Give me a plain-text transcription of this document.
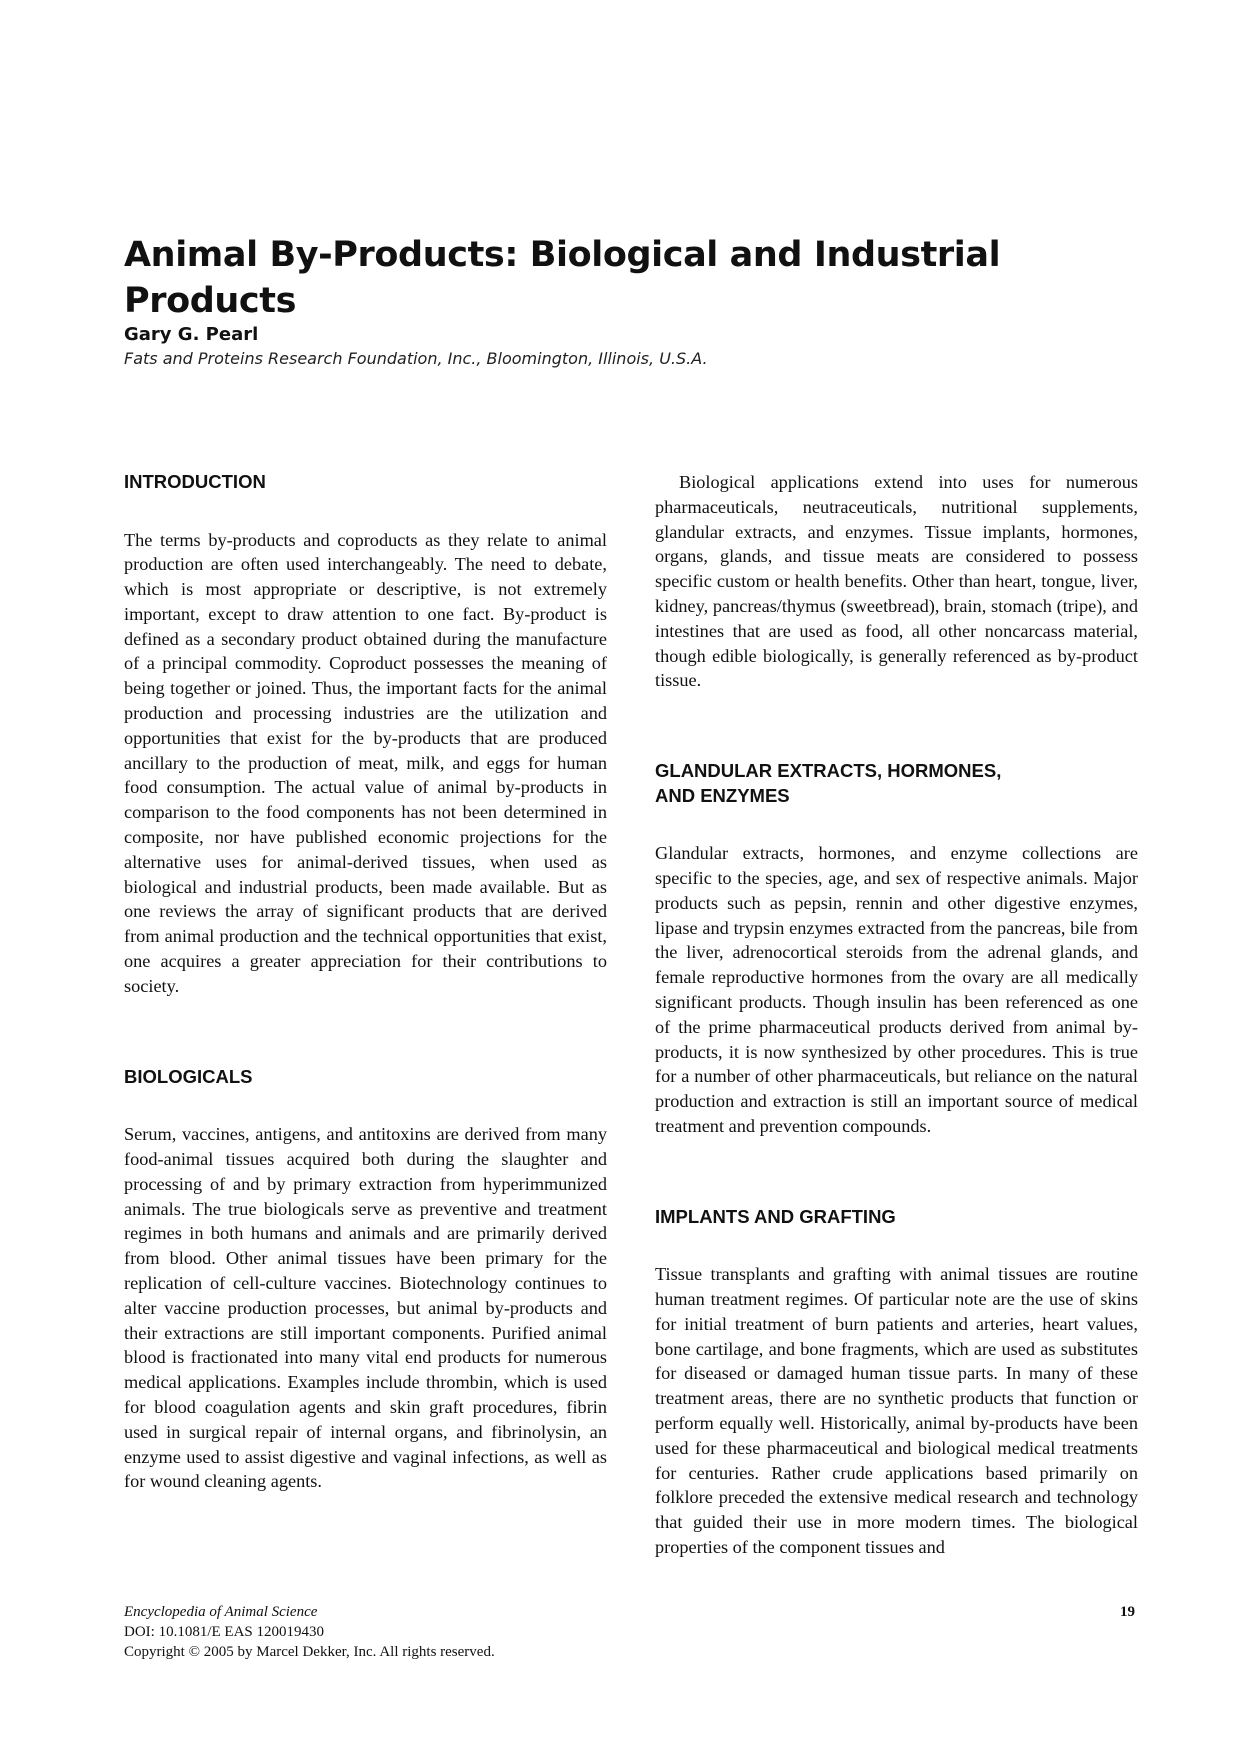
Animal By-Products: Biological and Industrial Products
Gary G. Pearl
Fats and Proteins Research Foundation, Inc., Bloomington, Illinois, U.S.A.
INTRODUCTION

The terms by-products and coproducts as they relate to animal production are often used interchangeably. The need to debate, which is most appropriate or descriptive, is not extremely important, except to draw attention to one fact. By-product is defined as a secondary product obtained during the manufacture of a principal commodity. Coproduct possesses the meaning of being together or joined. Thus, the important facts for the animal production and processing industries are the utilization and opportunities that exist for the by-products that are produced ancillary to the production of meat, milk, and eggs for human food consumption. The actual value of animal by-products in comparison to the food components has not been determined in composite, nor have published economic projections for the alternative uses for animal-derived tissues, when used as biological and industrial products, been made available. But as one reviews the array of significant products that are derived from animal production and the technical opportunities that exist, one acquires a greater appreciation for their contributions to society.

BIOLOGICALS

Serum, vaccines, antigens, and antitoxins are derived from many food-animal tissues acquired both during the slaughter and processing of and by primary extraction from hyperimmunized animals. The true biologicals serve as preventive and treatment regimes in both humans and animals and are primarily derived from blood. Other animal tissues have been primary for the replication of cell-culture vaccines. Biotechnology continues to alter vaccine production processes, but animal by-products and their extractions are still important components. Purified animal blood is fractionated into many vital end products for numerous medical applications. Examples include thrombin, which is used for blood coagulation agents and skin graft procedures, fibrin used in surgical repair of internal organs, and fibrinolysin, an enzyme used to assist digestive and vaginal infections, as well as for wound cleaning agents.

Biological applications extend into uses for numerous pharmaceuticals, neutraceuticals, nutritional supplements, glandular extracts, and enzymes. Tissue implants, hormones, organs, glands, and tissue meats are considered to possess specific custom or health benefits. Other than heart, tongue, liver, kidney, pancreas/thymus (sweetbread), brain, stomach (tripe), and intestines that are used as food, all other noncarcass material, though edible biologically, is generally referenced as by-product tissue.

GLANDULAR EXTRACTS, HORMONES,
AND ENZYMES

Glandular extracts, hormones, and enzyme collections are specific to the species, age, and sex of respective animals. Major products such as pepsin, rennin and other digestive enzymes, lipase and trypsin enzymes extracted from the pancreas, bile from the liver, adrenocortical steroids from the adrenal glands, and female reproductive hormones from the ovary are all medically significant products. Though insulin has been referenced as one of the prime pharmaceutical products derived from animal by-products, it is now synthesized by other procedures. This is true for a number of other pharmaceuticals, but reliance on the natural production and extraction is still an important source of medical treatment and prevention compounds.

IMPLANTS AND GRAFTING

Tissue transplants and grafting with animal tissues are routine human treatment regimes. Of particular note are the use of skins for initial treatment of burn patients and arteries, heart values, bone cartilage, and bone fragments, which are used as substitutes for diseased or damaged human tissue parts. In many of these treatment areas, there are no synthetic products that function or perform equally well. Historically, animal by-products have been used for these pharmaceutical and biological medical treatments for centuries. Rather crude applications based primarily on folklore preceded the extensive medical research and technology that guided their use in more modern times. The biological properties of the component tissues and

Encyclopedia of Animal Science
DOI: 10.1081/E EAS 120019430
Copyright © 2005 by Marcel Dekker, Inc. All rights reserved.
19
